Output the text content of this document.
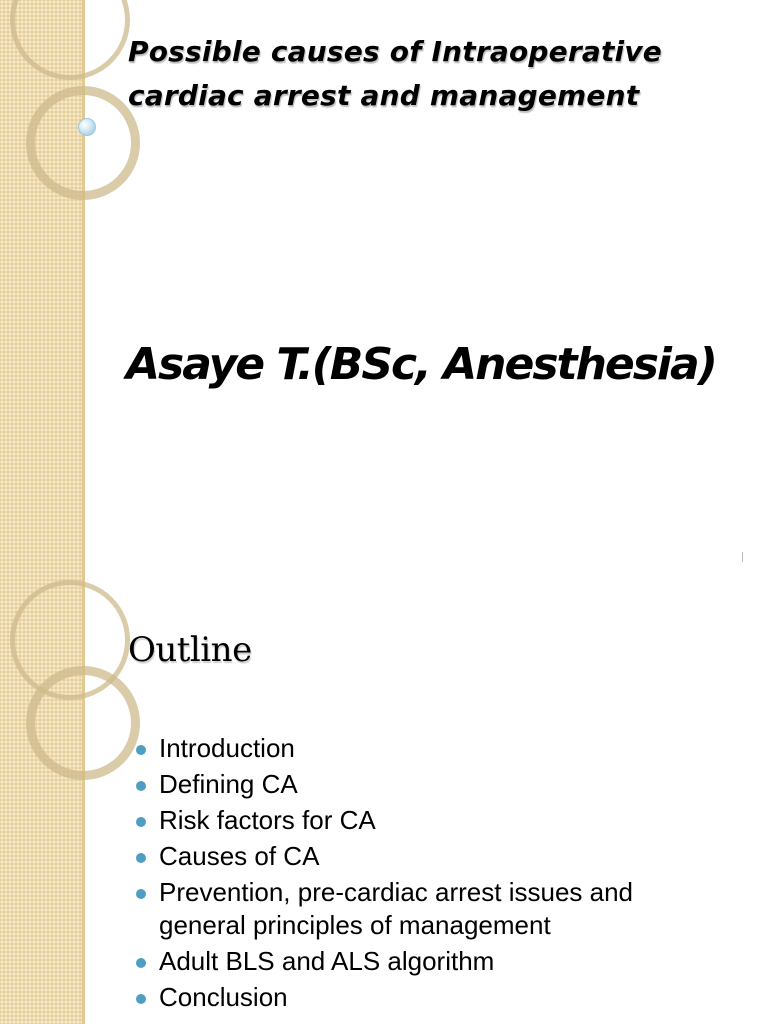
Possible causes of Intraoperative cardiac arrest and management
Asaye T.(BSc, Anesthesia)
Outline
Introduction
Defining CA
Risk factors for CA
Causes of CA
Prevention, pre-cardiac arrest issues and general principles of management
Adult BLS and ALS algorithm
Conclusion
